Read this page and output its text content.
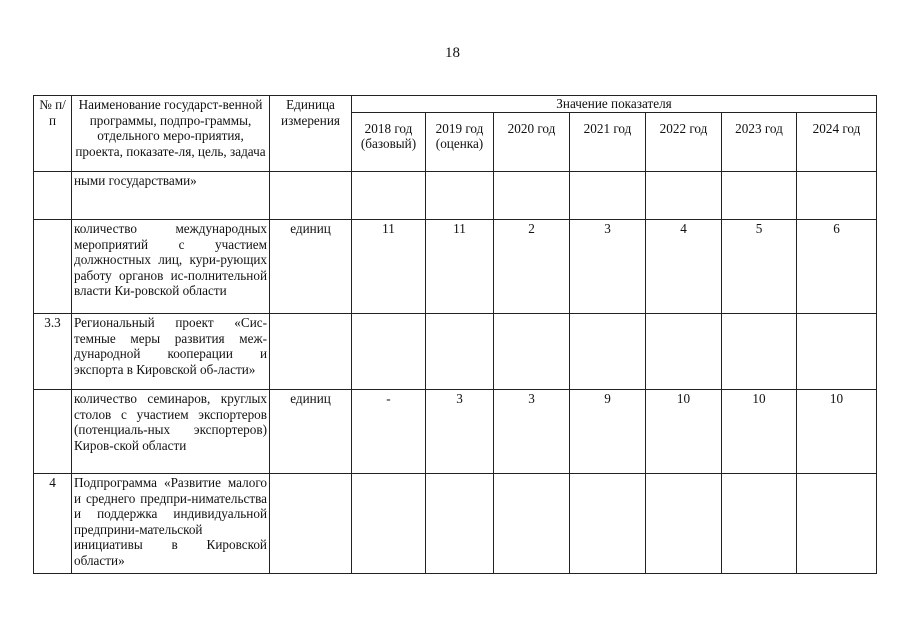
18
№ п/п	Наименование государст-венной программы, подпро-граммы, отдельного меро-приятия, проекта, показате-ля, цель, задача	Единица измерения	Значение показателя						
			2018 год (базовый)	2019 год (оценка)	2020 год	2021 год	2022 год	2023 год	2024 год
	ными государствами»								
	количество международных мероприятий с участием должностных лиц, кури-рующих работу органов ис-полнительной власти Ки-ровской области	единиц	11	11	2	3	4	5	6
3.3	Региональный проект «Сис-темные меры развития меж-дународной кооперации и экспорта в Кировской об-ласти»								
	количество семинаров, круглых столов с участием экспортеров (потенциаль-ных экспортеров) Киров-ской области	единиц	-	3	3	9	10	10	10
4	Подпрограмма «Развитие малого и среднего предпри-нимательства и поддержка индивидуальной предприни-мательской инициативы в Кировской области»								
